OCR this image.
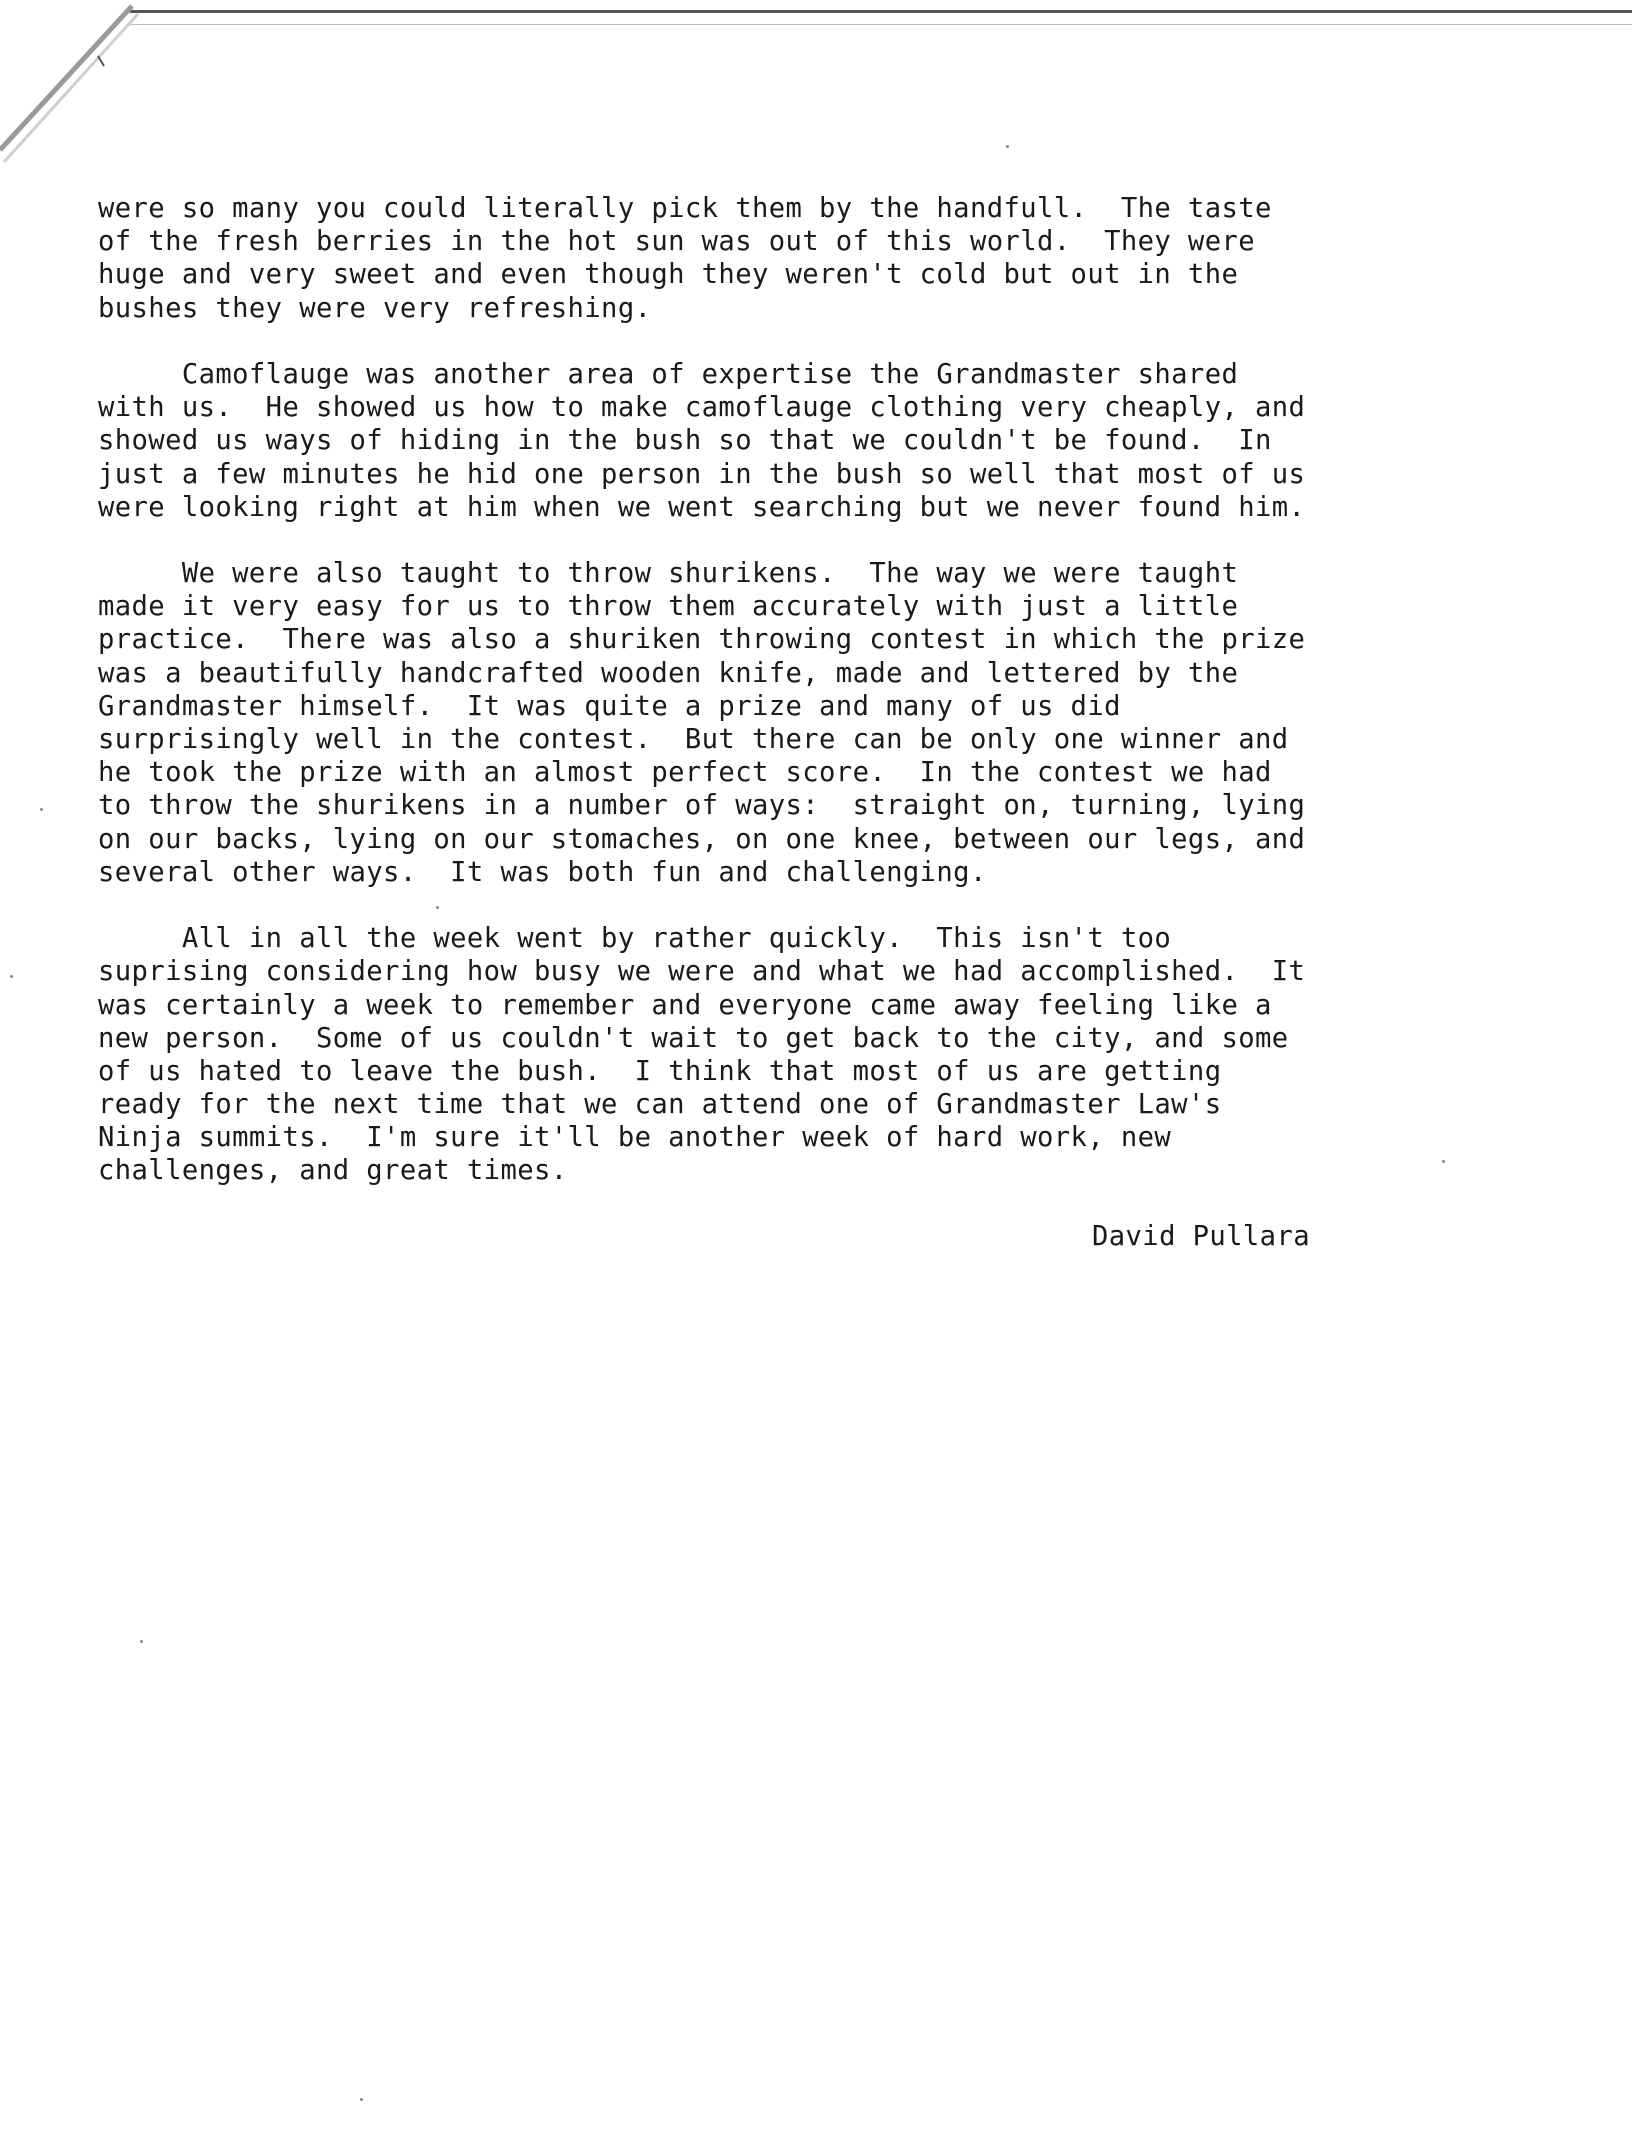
were so many you could literally pick them by the handfull.  The taste
of the fresh berries in the hot sun was out of this world.  They were
huge and very sweet and even though they weren't cold but out in the
bushes they were very refreshing.
Camoflauge was another area of expertise the Grandmaster shared
with us.  He showed us how to make camoflauge clothing very cheaply, and
showed us ways of hiding in the bush so that we couldn't be found.  In
just a few minutes he hid one person in the bush so well that most of us
were looking right at him when we went searching but we never found him.
We were also taught to throw shurikens.  The way we were taught
made it very easy for us to throw them accurately with just a little
practice.  There was also a shuriken throwing contest in which the prize
was a beautifully handcrafted wooden knife, made and lettered by the
Grandmaster himself.  It was quite a prize and many of us did
surprisingly well in the contest.  But there can be only one winner and
he took the prize with an almost perfect score.  In the contest we had
to throw the shurikens in a number of ways:  straight on, turning, lying
on our backs, lying on our stomaches, on one knee, between our legs, and
several other ways.  It was both fun and challenging.
All in all the week went by rather quickly.  This isn't too
suprising considering how busy we were and what we had accomplished.  It
was certainly a week to remember and everyone came away feeling like a
new person.  Some of us couldn't wait to get back to the city, and some
of us hated to leave the bush.  I think that most of us are getting
ready for the next time that we can attend one of Grandmaster Law's
Ninja summits.  I'm sure it'll be another week of hard work, new
challenges, and great times.
David Pullara
